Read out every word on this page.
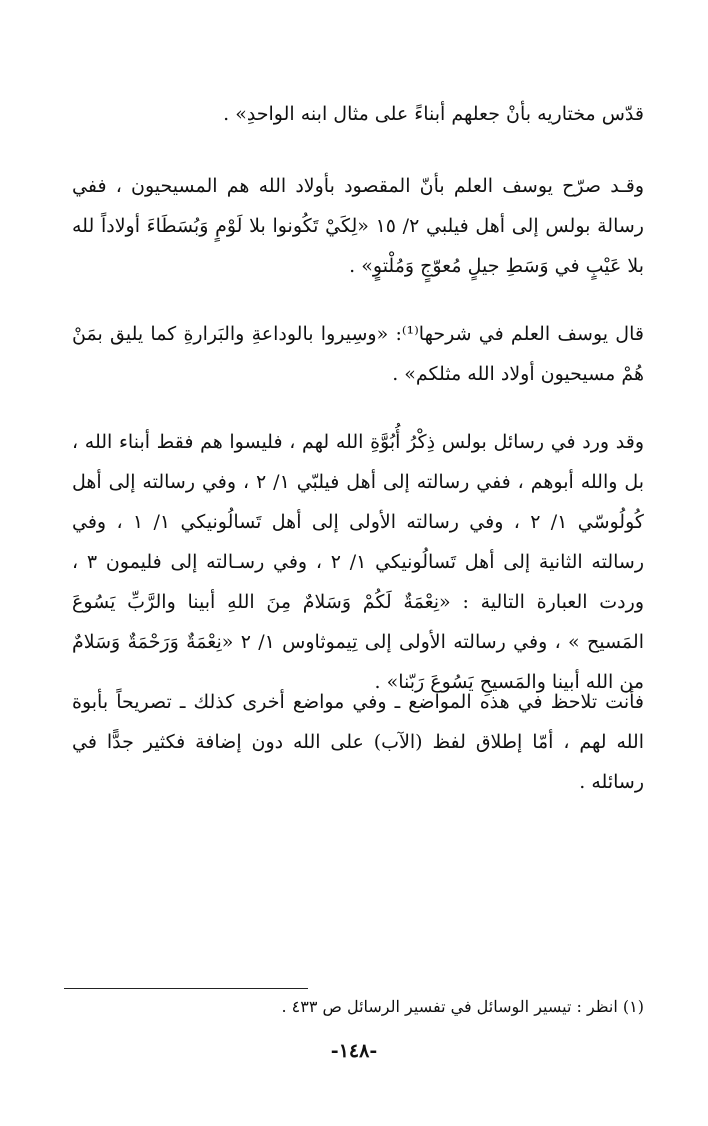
قدّس مختاريه بأنْ جعلهم أبناءً على مثال ابنه الواحدِ» .

وقـد صرّح يوسف العلم بأنّ المقصود بأولاد الله هم المسيحيون ، ففي رسالة بولس إلى أهل فيلبي ٢/ ١٥ «لِكَيْ تَكُونوا بلا لَوْمٍ وَبُسَطَاءَ أولاداً لله بلا عَيْبٍ في وَسَطِ جيلٍ مُعوّجٍ وَمُلْتوٍ» .

قال يوسف العلم في شرحها⁽¹⁾: «وسِيروا بالوداعةِ والبَرارةِ كما يليق بمَنْ هُمْ مسيحيون أولاد الله مثلكم» .

وقد ورد في رسائل بولس ذِكْرُ أُبُوَّةِ الله لهم ، فليسوا هم فقط أبناء الله ، بل والله أبوهم ، ففي رسالته إلى أهل فيلبّي ١/ ٢ ، وفي رسالته إلى أهل كُولُوسّي ١/ ٢ ، وفي رسالته الأولى إلى أهل تَسالُونيكي ١/ ١ ، وفي رسالته الثانية إلى أهل تَسالُونيكي ١/ ٢ ، وفي رسـالته إلى فليمون ٣ ، وردت العبارة التالية : «نِعْمَةٌ لَكُمْ وَسَلامٌ مِنَ اللهِ أبينا والرَّبِّ يَسُوعَ المَسيح » ، وفي رسالته الأولى إلى تِيموثاوس ١/ ٢ «نِعْمَةٌ وَرَحْمَةٌ وَسَلامٌ من الله أبينا والمَسيحِ يَسُوعَ رَبّنا» .

فأنت تلاحظ في هذه المواضع ـ وفي مواضع أخرى كذلك ـ تصريحاً بأبوة الله لهم ، أمّا إطلاق لفظ (الآب) على الله دون إضافة فكثير جدًّا في رسائله .

(١) انظر : تيسير الوسائل في تفسير الرسائل ص ٤٣٣ .

-١٤٨-
